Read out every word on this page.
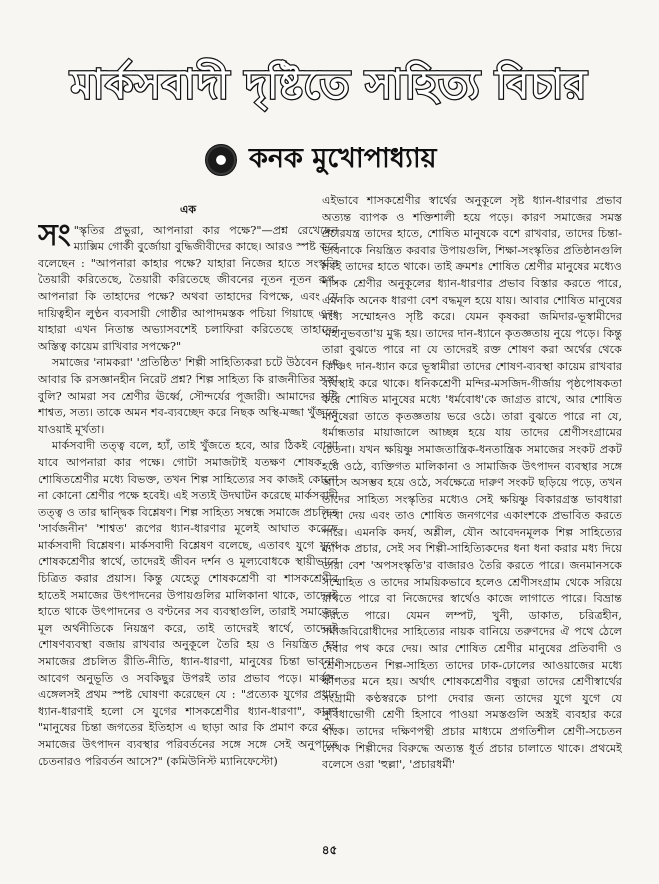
মার্কসবাদী দৃষ্টিতে সাহিত্য বিচার
কনক মুখোপাধ্যায়
এক

সং "স্কৃতির প্রভুরা, আপনারা কার পক্ষে?"—প্রশ্ন রেখেছেন ম্যাক্সিম গোর্কী বুর্জোয়া বুদ্ধিজীবীদের কাছে। আরও স্পষ্ট করে বলেছেন : "আপনারা কাহার পক্ষে? যাহারা নিজের হাতে সংস্কৃতি তৈয়ারী করিতেছে, তৈয়ারী করিতেছে জীবনের নূতন নূতন রূপ, আপনারা কি তাহাদের পক্ষে? অথবা তাহাদের বিপক্ষে, এবং যে দায়িত্বহীন লুণ্ঠন ব্যবসায়ী গোষ্ঠীর আপাদমস্তক পচিয়া গিয়াছে এবং যাহারা এখন নিতান্ত অভ্যাসবশেই চলাফিরা করিতেছে তাহাদের অস্তিত্ব কায়েম রাখিবার সপক্ষে?"

সমাজের 'নামকরা' 'প্রতিষ্ঠিত' শিল্পী সাহিত্যিকরা চটে উঠবেন : এ আবার কি রসজ্ঞানহীন নিরেট প্রশ্ন? শিল্প সাহিত্য কি রাজনীতির সস্তা বুলি? আমরা সব শ্রেণীর ঊর্ধ্বে, সৌন্দর্যের পূজারী। আমাদের সৃষ্টি শাশ্বত, সত্য। তাকে অমন শব-ব্যবচ্ছেদ করে নিছক অস্থি-মজ্জা খুঁজতে যাওয়াই মূর্খতা।

মার্কসবাদী তত্ত্ব বলে, হ্যাঁ, তাই খুঁজতে হবে, আর ঠিকই বোঝা যাবে আপনারা কার পক্ষে। গোটা সমাজটাই যতক্ষণ শোষক ও শোষিতশ্রেণীর মধ্যে বিভক্ত, তখন শিল্প সাহিত্যের সব কাজই কোনো না কোনো শ্রেণীর পক্ষে হবেই। এই সত্যই উদঘাটন করেছে মার্কসবাদী তত্ত্ব ও তার দ্বান্দ্বিক বিশ্লেষণ। শিল্প সাহিত্য সম্বন্ধে সমাজে প্রচলিত 'সার্বজনীন' 'শাশ্বত' রূপের ধ্যান-ধারণার মূলেই আঘাত করেছে মার্কসবাদী বিশ্লেষণ। মার্কসবাদী বিশ্লেষণ বলেছে, এতাবৎ যুগে যুগে শোষকশ্রেণীর স্বার্থে, তাদেরই জীবন দর্শন ও মূল্যবোধকে স্থায়ীভাবে চিত্রিত করার প্রয়াস। কিন্তু যেহেতু শোষকশ্রেণী বা শাসকশ্রেণীর হাতেই সমাজের উৎপাদনের উপায়গুলির মালিকানা থাকে, তাদেরই হাতে থাকে উৎপাদনের ও বণ্টনের সব ব্যবস্থাগুলি, তারাই সমাজের মূল অর্থনীতিকে নিয়ন্ত্রণ করে, তাই তাদেরই স্বার্থে, তাদেরই শোষণব্যবস্থা বজায় রাখবার অনুকূলে তৈরি হয় ও নিয়ন্ত্রিত হয় সমাজের প্রচলিত রীতি-নীতি, ধ্যান-ধারণা, মানুষের চিন্তা ভাবনা, আবেগ অনুভূতি ও সবকিছুর উপরই তার প্রভাব পড়ে। মার্কস-এঙ্গেলসই প্রথম স্পষ্ট ঘোষণা করেছেন যে : "প্রত্যেক যুগের প্রধান ধ্যান-ধারণাই হলো সে যুগের শাসকশ্রেণীর ধ্যান-ধারণা", কারণ "মানুষের চিন্তা জগতের ইতিহাস এ ছাড়া আর কি প্রমাণ করে যে, সমাজের উৎপাদন ব্যবস্থার পরিবর্তনের সঙ্গে সঙ্গে সেই অনুপাতে চেতনারও পরিবর্তন আসে?" (কমিউনিস্ট ম্যানিফেস্টো)

এইভাবে শাসকশ্রেণীর স্বার্থের অনুকূলে সৃষ্ট ধ্যান-ধারণার প্রভাব অত্যন্ত ব্যাপক ও শক্তিশালী হয়ে পড়ে। কারণ সমাজের সমস্ত প্রচারযন্ত্র তাদের হাতে, শোষিত মানুষকে বশে রাখবার, তাদের চিন্তা-ভাবনাকে নিয়ন্ত্রিত করবার উপায়গুলি, শিক্ষা-সংস্কৃতির প্রতিষ্ঠানগুলি সবই তাদের হাতে থাকে। তাই ক্রমশঃ শোষিত শ্রেণীর মানুষের মধ্যেও শাসক শ্রেণীর অনুকূলের ধ্যান-ধারণার প্রভাব বিস্তার করতে পারে, এমনকি অনেক ধারণা বেশ বদ্ধমূল হয়ে যায়। আবার শোষিত মানুষের মধ্যে সম্মোহনও সৃষ্টি করে। যেমন কৃষকরা জমিদার-ভূস্বামীদের 'মহানুভবতা'য় মুগ্ধ হয়। তাদের দান-ধ্যানে কৃতজ্ঞতায় নুয়ে পড়ে। কিন্তু তারা বুঝতে পারে না যে তাদেরই রক্ত শোষণ করা অর্থের থেকে কিঞ্চিৎ দান-ধ্যান করে ভূস্বামীরা তাদের শোষণ-ব্যবস্থা কায়েম রাখবার ব্যবস্থাই করে থাকে। ধনিকশ্রেণী মন্দির-মসজিদ-গীর্জায় পৃষ্ঠপোষকতা করে শোষিত মানুষের মধ্যে 'ধর্মবোধ'কে জাগ্রত রাখে, আর শোষিত মানুষেরা তাতে কৃতজ্ঞতায় ভরে ওঠে। তারা বুঝতে পারে না যে, ধর্মান্ধতার মায়াজালে আচ্ছন্ন হয়ে যায় তাদের শ্রেণীসংগ্রামের চেতনা। যখন ক্ষয়িষ্ণু সমাজতান্ত্রিক-ধনতান্ত্রিক সমাজের সংকট প্রকট হয়ে ওঠে, ব্যক্তিগত মালিকানা ও সামাজিক উৎপাদন ব্যবস্থার সঙ্গে আসে অসম্ভব হয়ে ওঠে, সর্বক্ষেত্রে দারুণ সংকট ছড়িয়ে পড়ে, তখন তাদের সাহিত্য সংস্কৃতির মধ্যেও সেই ক্ষয়িষ্ণু বিকারগ্রস্ত ভাবধারা দেখা দেয় এবং তাও শোষিত জনগণের একাংশকে প্রভাবিত করতে পারে। এমনকি কদর্য, অশ্লীল, যৌন আবেদনমূলক শিল্প সাহিত্যের ব্যাপক প্রচার, সেই সব শিল্পী-সাহিত্যিকদের ধনা ধনা করার মধ্য দিয়ে তারা বেশ 'অপসংস্কৃতি'র বাজারও তৈরি করতে পারে। জনমানসকে সম্মোহিত ও তাদের সাময়িকভাবে হলেও শ্রেণীসংগ্রাম থেকে সরিয়ে রাখতে পারে বা নিজেদের স্বার্থেও কাজে লাগাতে পারে। বিভ্রান্ত করতে পারে। যেমন লম্পট, খুনী, ডাকাত, চরিত্রহীন, সমাজবিরোধীদের সাহিত্যের নায়ক বানিয়ে তরুণদের ঐ পথে ঠেলে দেবার পথ করে দেয়। আর শোষিত শ্রেণীর মানুষের প্রতিবাদী ও শ্রেণীসচেতন শিল্প-সাহিত্য তাদের ঢাক-ঢোলের আওয়াজের মধ্যে ক্ষীণতর মনে হয়। অর্থাৎ শোষকশ্রেণীর বন্ধুরা তাদের শ্রেণীস্বার্থের সংগ্রামী কণ্ঠস্বরকে চাপা দেবার জন্য তাদের যুগে যুগে যে সুবিধাভোগী শ্রেণী হিসাবে পাওয়া সমস্তগুলি অস্ত্রই ব্যবহার করে থাকে। তাদের দক্ষিণপন্থী প্রচার মাধ্যমে প্রগতিশীল শ্রেণী-সচেতন লেখক শিল্পীদের বিরুদ্ধে অত্যন্ত ধূর্ত প্রচার চালাতে থাকে। প্রথমেই বলেসে ওরা 'হুল্লা', 'প্রচারধর্মী'

৪৫
